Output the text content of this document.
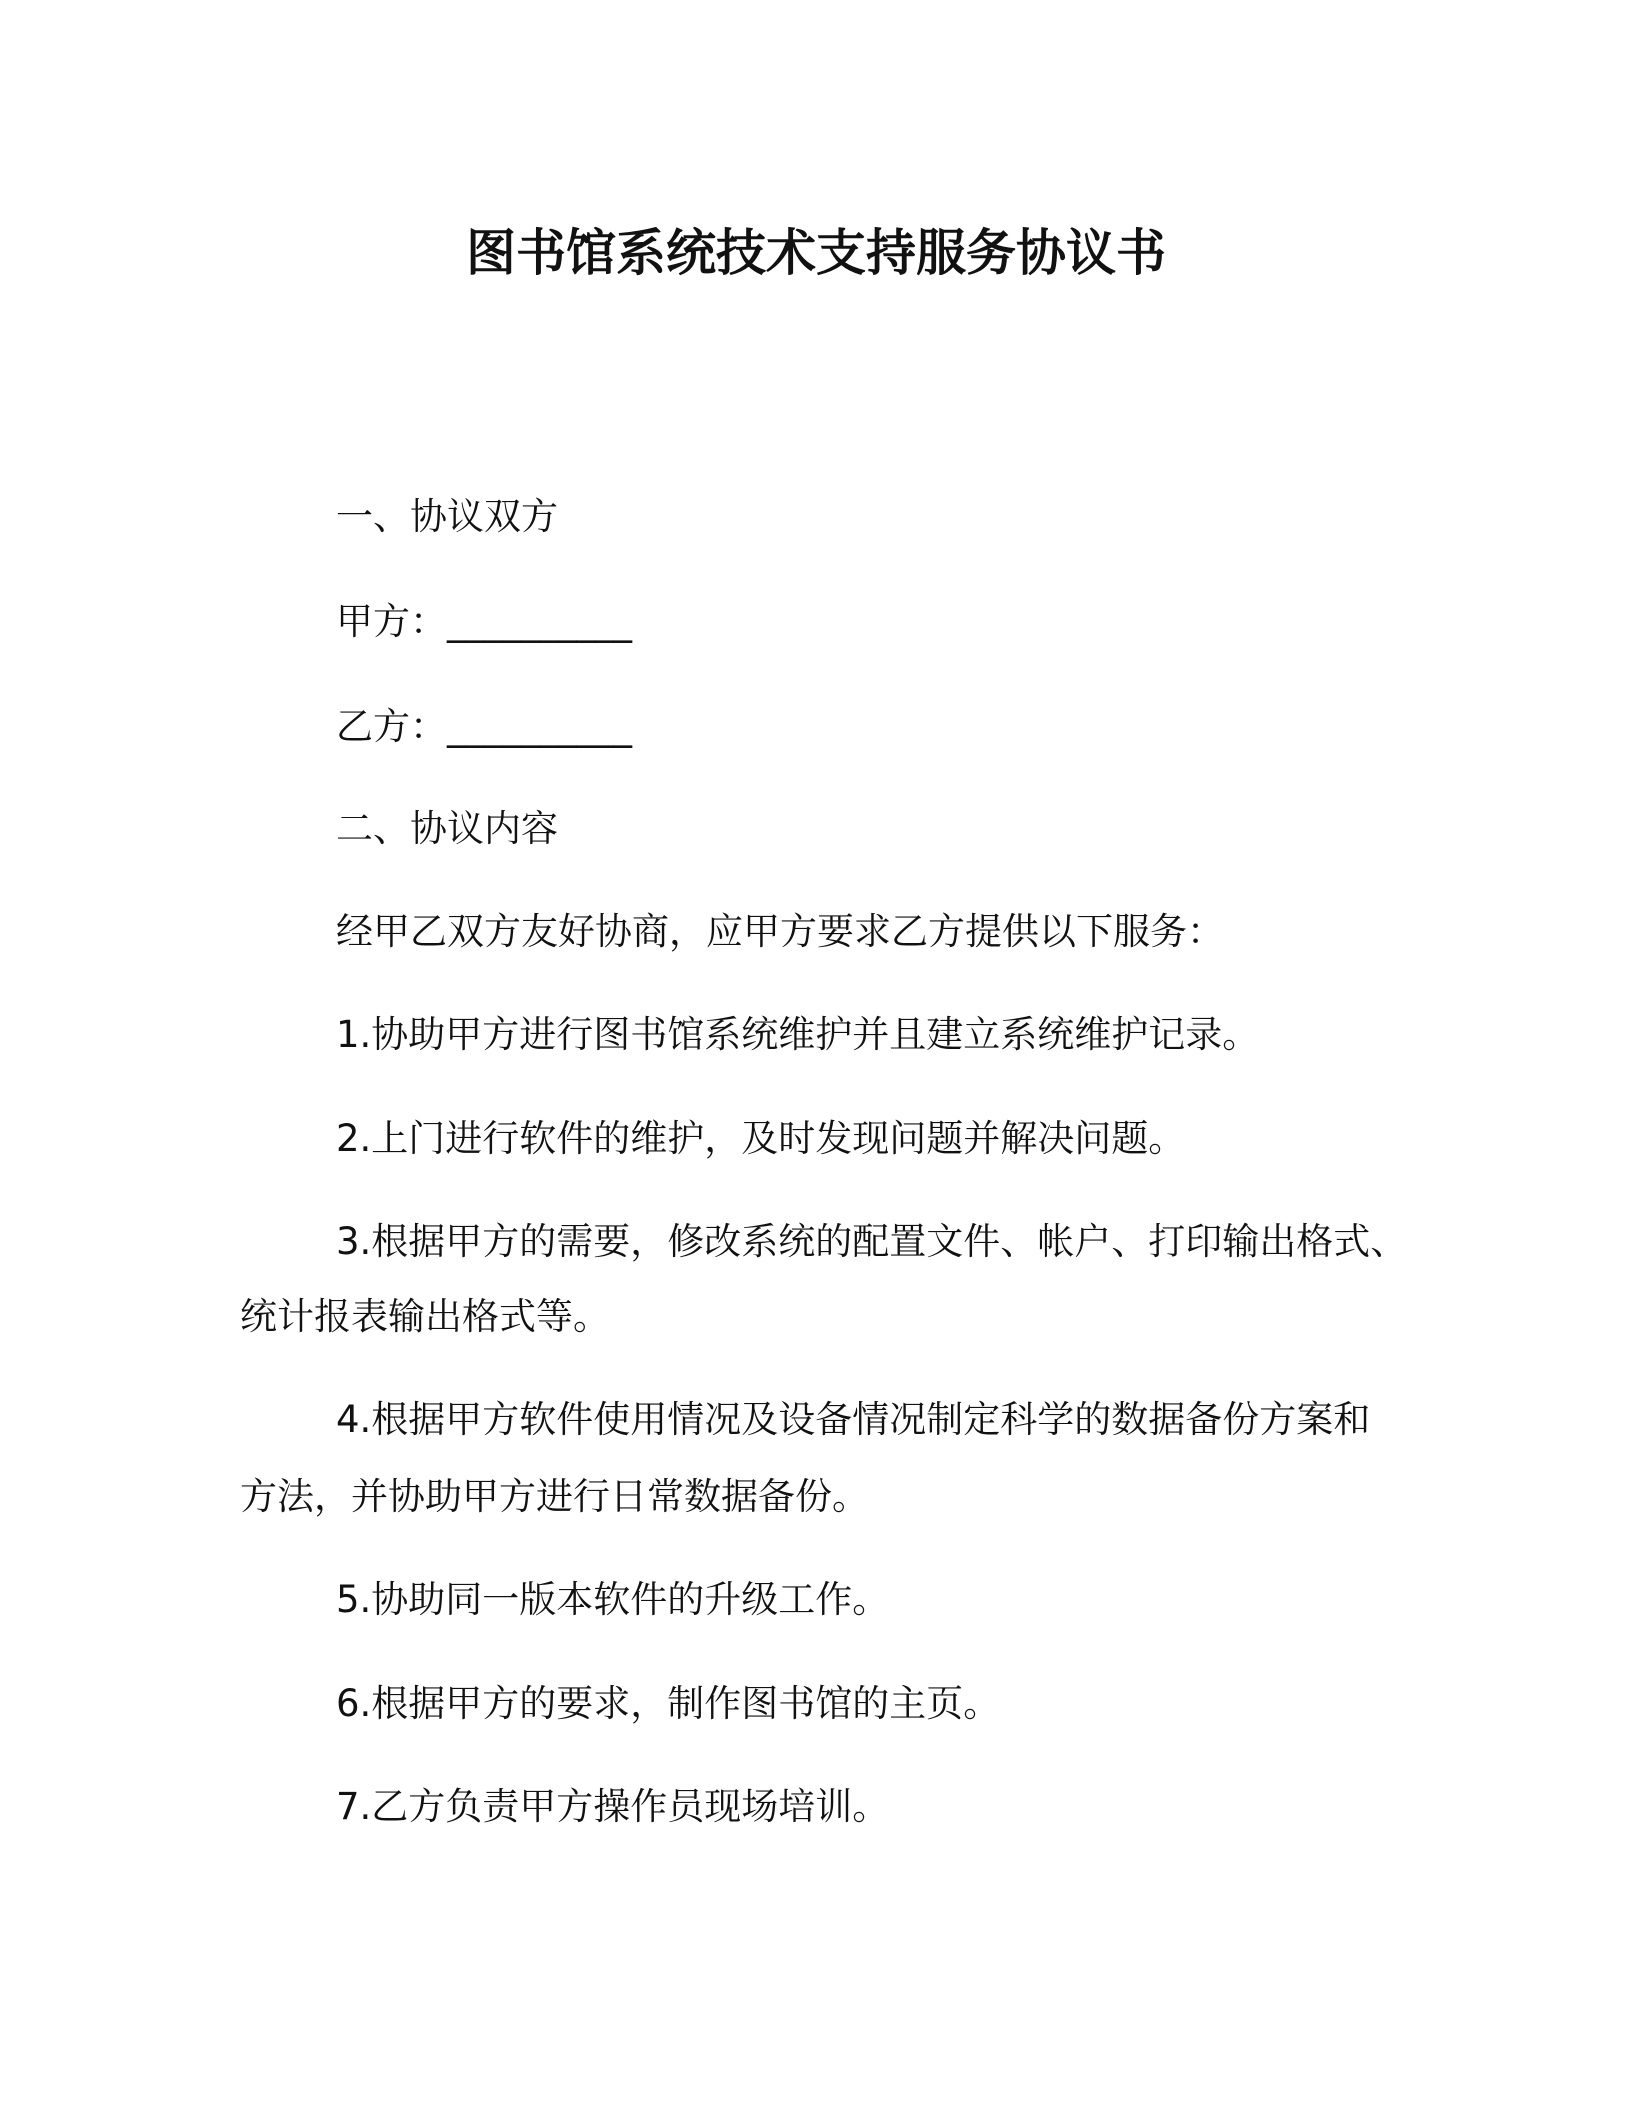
图书馆系统技术支持服务协议书
一、协议双方
甲方：__________
乙方：__________
二、协议内容
经甲乙双方友好协商，应甲方要求乙方提供以下服务：
1.协助甲方进行图书馆系统维护并且建立系统维护记录。
2.上门进行软件的维护，及时发现问题并解决问题。
3.根据甲方的需要，修改系统的配置文件、帐户、打印输出格式、
统计报表输出格式等。
4.根据甲方软件使用情况及设备情况制定科学的数据备份方案和
方法，并协助甲方进行日常数据备份。
5.协助同一版本软件的升级工作。
6.根据甲方的要求，制作图书馆的主页。
7.乙方负责甲方操作员现场培训。
